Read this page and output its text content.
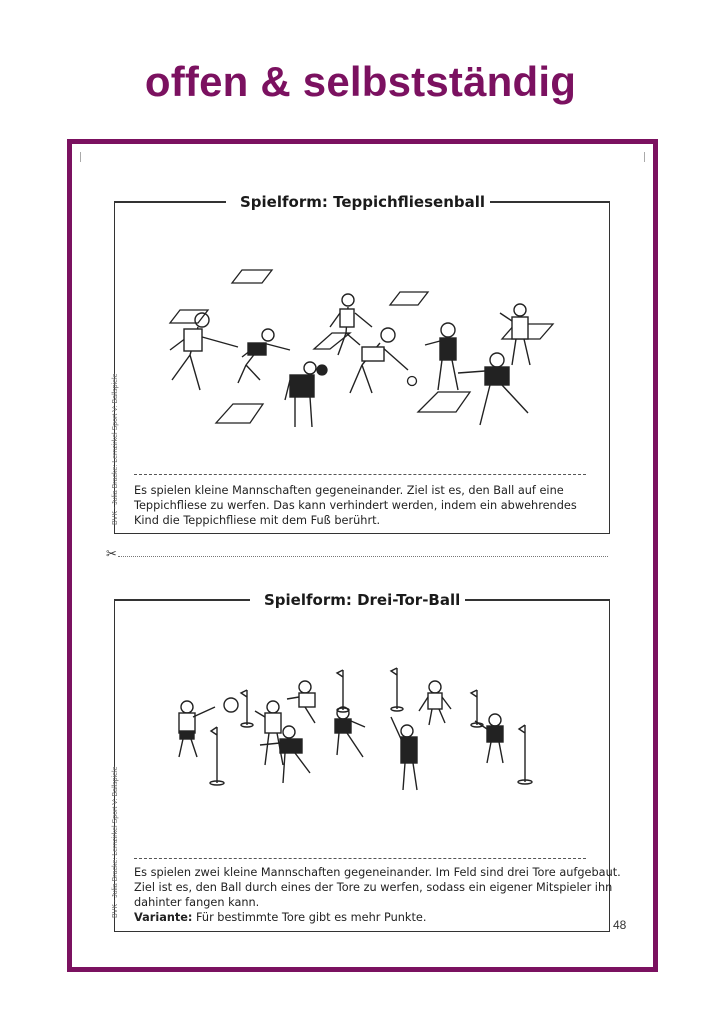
offen & selbstständig
Spielform: Teppichfliesenball
BVK - Julia Bracke: Lernzirkel Sport V: Ballspiele Es spielen kleine Mannschaften gegeneinander. Ziel ist es, den Ball auf eine
Teppichfliese zu werfen. Das kann verhindert werden, indem ein abwehrendes
Kind die Teppichfliese mit dem Fuß berührt.
✂
Spielform: Drei-Tor-Ball
BVK - Julia Bracke: Lernzirkel Sport V: Ballspiele Es spielen zwei kleine Mannschaften gegeneinander. Im Feld sind drei Tore aufgebaut.
Ziel ist es, den Ball durch eines der Tore zu werfen, sodass ein eigener Mitspieler ihn
dahinter fangen kann.
Variante: Für bestimmte Tore gibt es mehr Punkte.
48
